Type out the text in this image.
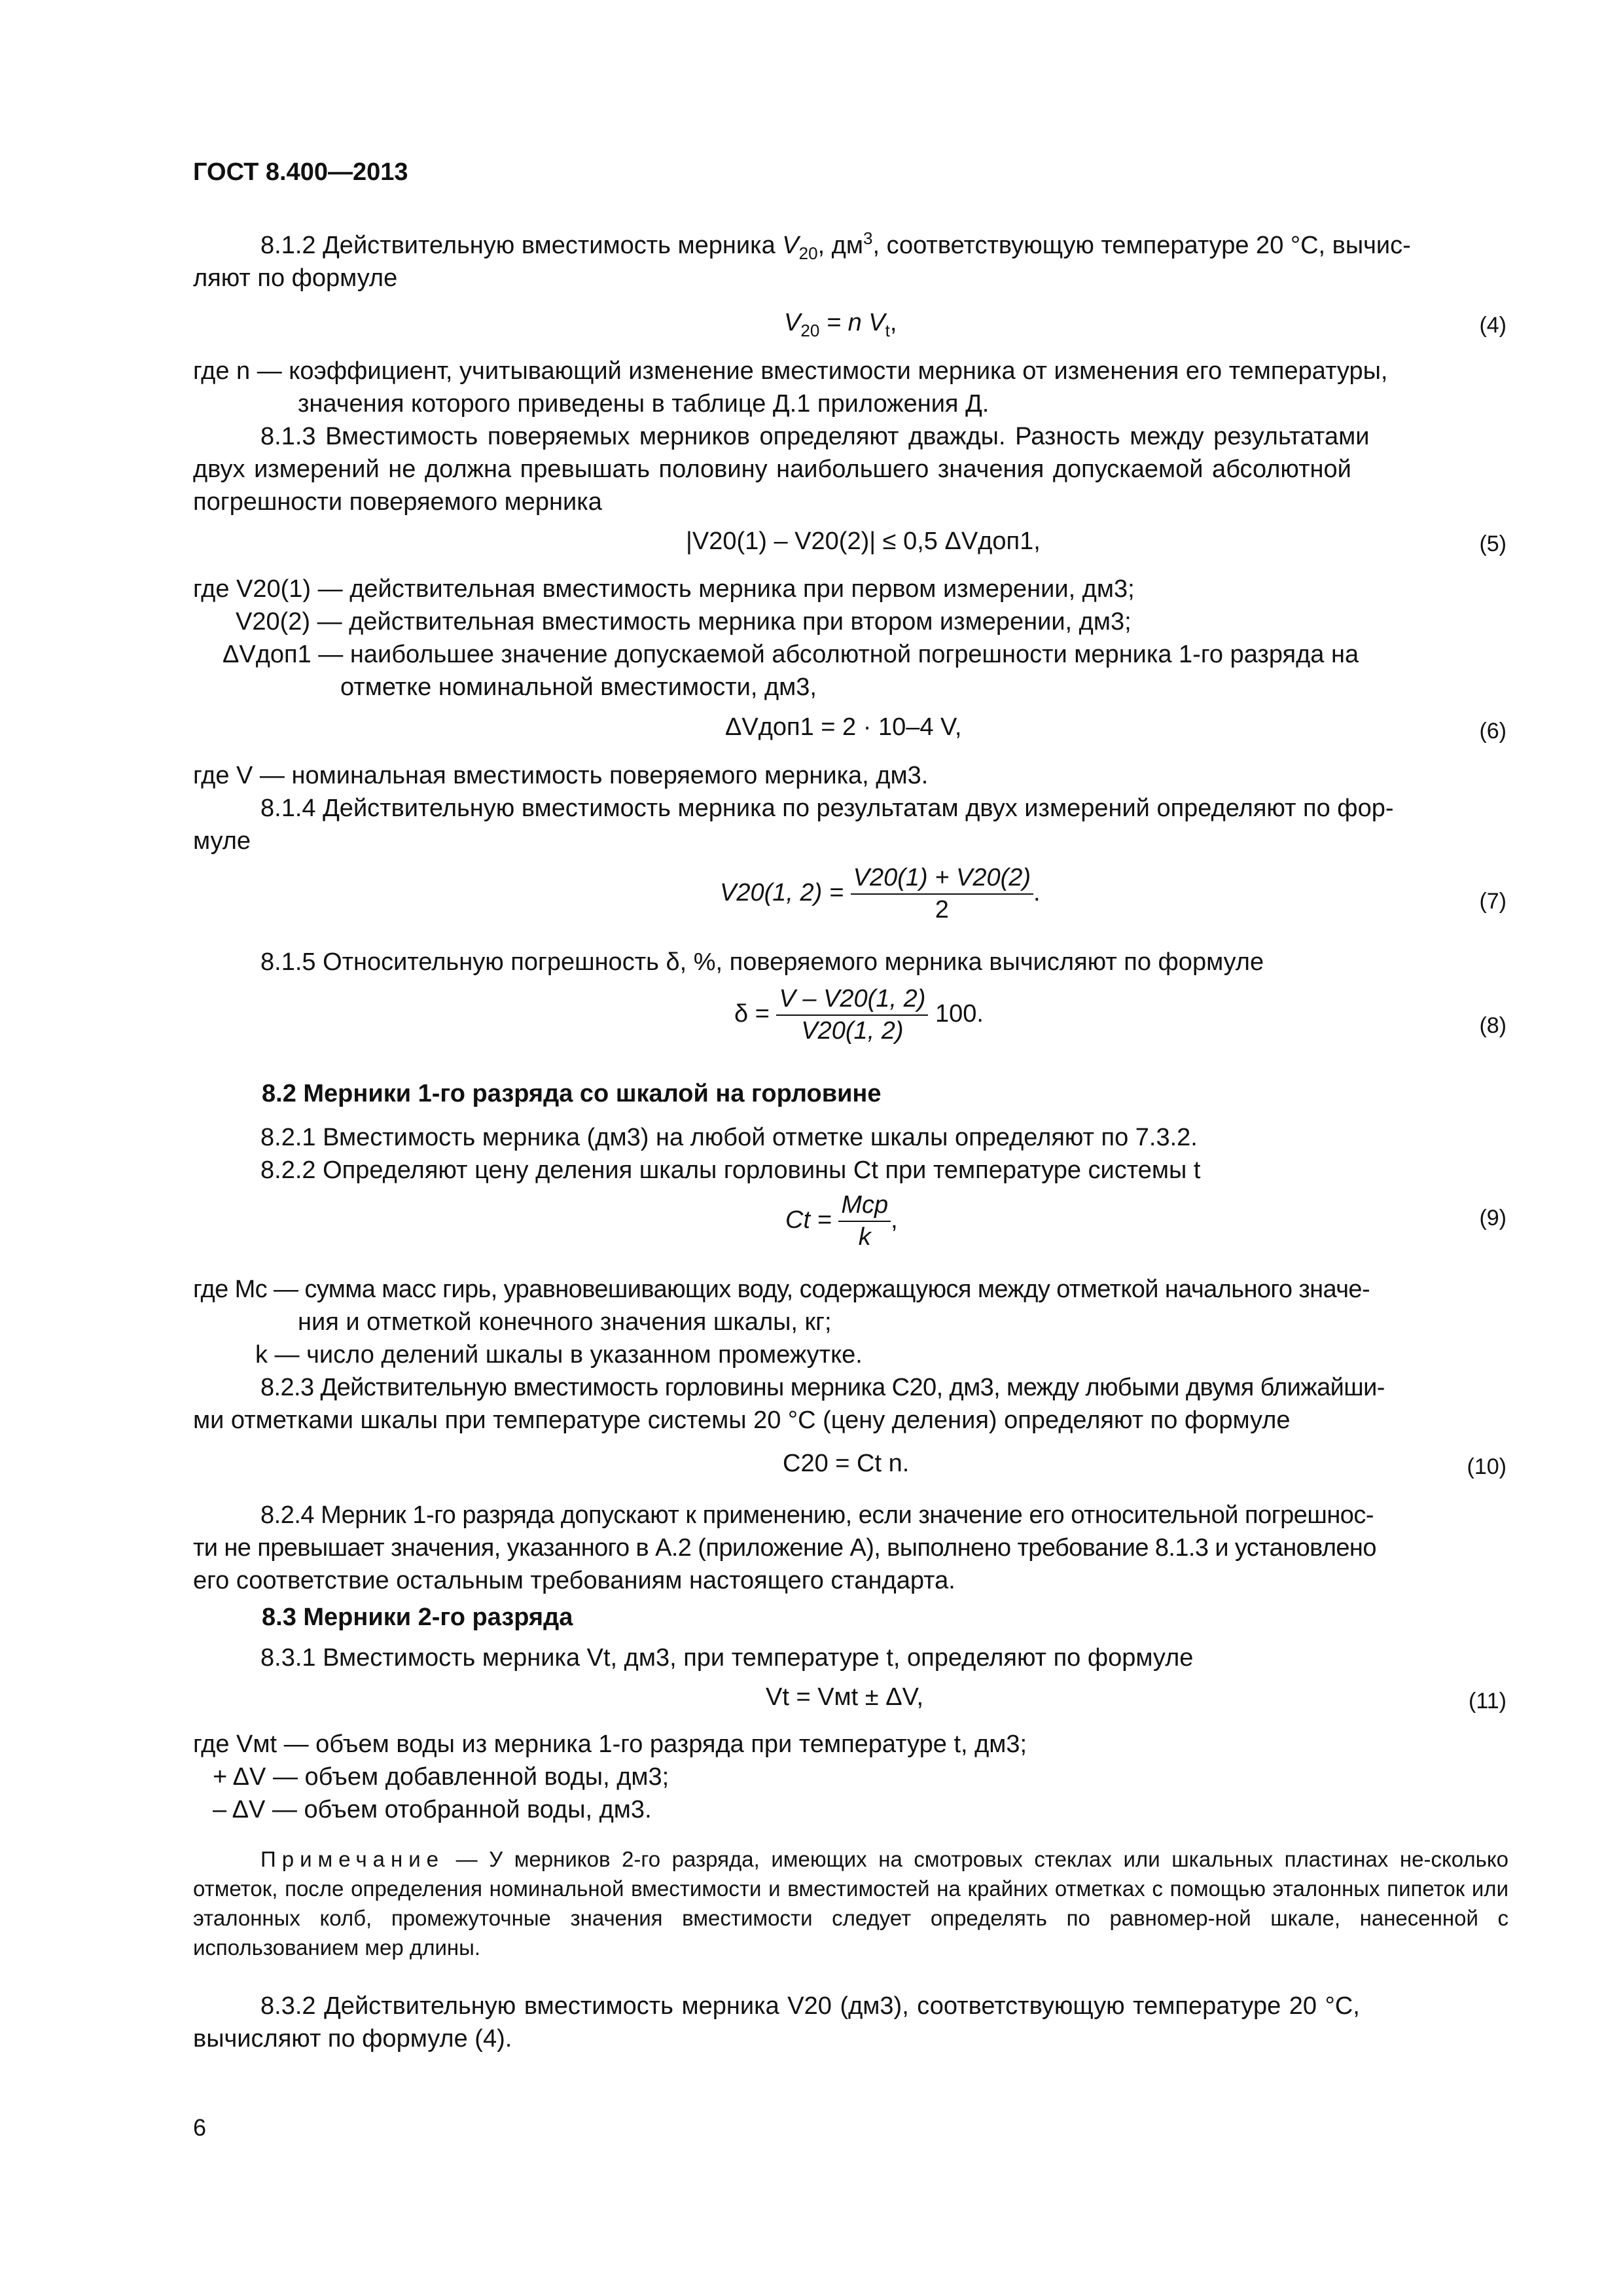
ГОСТ 8.400—2013
8.1.2 Действительную вместимость мерника $V_{20}$, $дм^3$, соответствующую температуре 20 °С, вычис-
ляют по формуле
$V_{20} = n$ $V_t$,	(4)
где n — коэффициент, учитывающий изменение вместимости мерника от изменения его температуры,
значения которого приведены в таблице Д.1 приложения Д.
8.1.3 Вместимость поверяемых мерников определяют дважды. Разность между результатами
двух измерений не должна превышать половину наибольшего значения допускаемой абсолютной
погрешности поверяемого мерника
|V20(1) – V20(2)| ≤ 0,5 ΔVдоп1,	(5)
где V20(1) — действительная вместимость мерника при первом измерении, дм3;
V20(2) — действительная вместимость мерника при втором измерении, дм3;
ΔVдоп1 — наибольшее значение допускаемой абсолютной погрешности мерника 1-го разряда на
отметке номинальной вместимости, дм3,
ΔVдоп1 = 2 · 10–4 V,	(6)
где V — номинальная вместимость поверяемого мерника, дм3.
8.1.4 Действительную вместимость мерника по результатам двух измерений определяют по фор-
муле
V20(1, $2) = \frac{V20(1) + V20(2)}{2}$ .	(7)
8.1.5 Относительную погрешность δ, %, поверяемого мерника вычисляют по формуле
$\delta = \frac{V - V20(1, 2)}{V20(1, 2)} 100$.	(8)
8.2 Мерники 1-го разряда со шкалой на горловине
8.2.1 Вместимость мерника (дм3) на любой отметке шкалы определяют по 7.3.2.
8.2.2 Определяют цену деления шкалы горловины Ct при температуре системы t
$Ct = \frac{\text{Mcp}}{k}$ ,	(9)
где Mc — сумма масс гирь, уравновешивающих воду, содержащуюся между отметкой начального значе-
ния и отметкой конечного значения шкалы, кг;
k — число делений шкалы в указанном промежутке.
8.2.3 Действительную вместимость горловины мерника C20, дм3, между любыми двумя ближайши-
ми отметками шкалы при температуре системы 20 °С (цену деления) определяют по формуле
C20 = Ct n.	(10)
8.2.4 Мерник 1-го разряда допускают к применению, если значение его относительной погрешнос-
ти не превышает значения, указанного в А.2 (приложение А), выполнено требование 8.1.3 и установлено
его соответствие остальным требованиям настоящего стандарта.
8.3 Мерники 2-го разряда
8.3.1 Вместимость мерника Vt, дм3, при температуре t, определяют по формуле
Vt = Vмt ± ΔV,	(11)
где Vмt — объем воды из мерника 1-го разряда при температуре t, дм3;
+ ΔV — объем добавленной воды, дм3;
– ΔV — объем отобранной воды, дм3.
Примечание — У мерников 2-го разряда, имеющих на смотровых стеклах или шкальных пластинах не-сколько отметок, после определения номинальной вместимости и вместимостей на крайних отметках с помощью эталонных пипеток или эталонных колб, промежуточные значения вместимости следует определять по равномер-ной шкале, нанесенной с использованием мер длины.
8.3.2 Действительную вместимость мерника V20 (дм3), соответствующую температуре 20 °С,
вычисляют по формуле (4).
6
